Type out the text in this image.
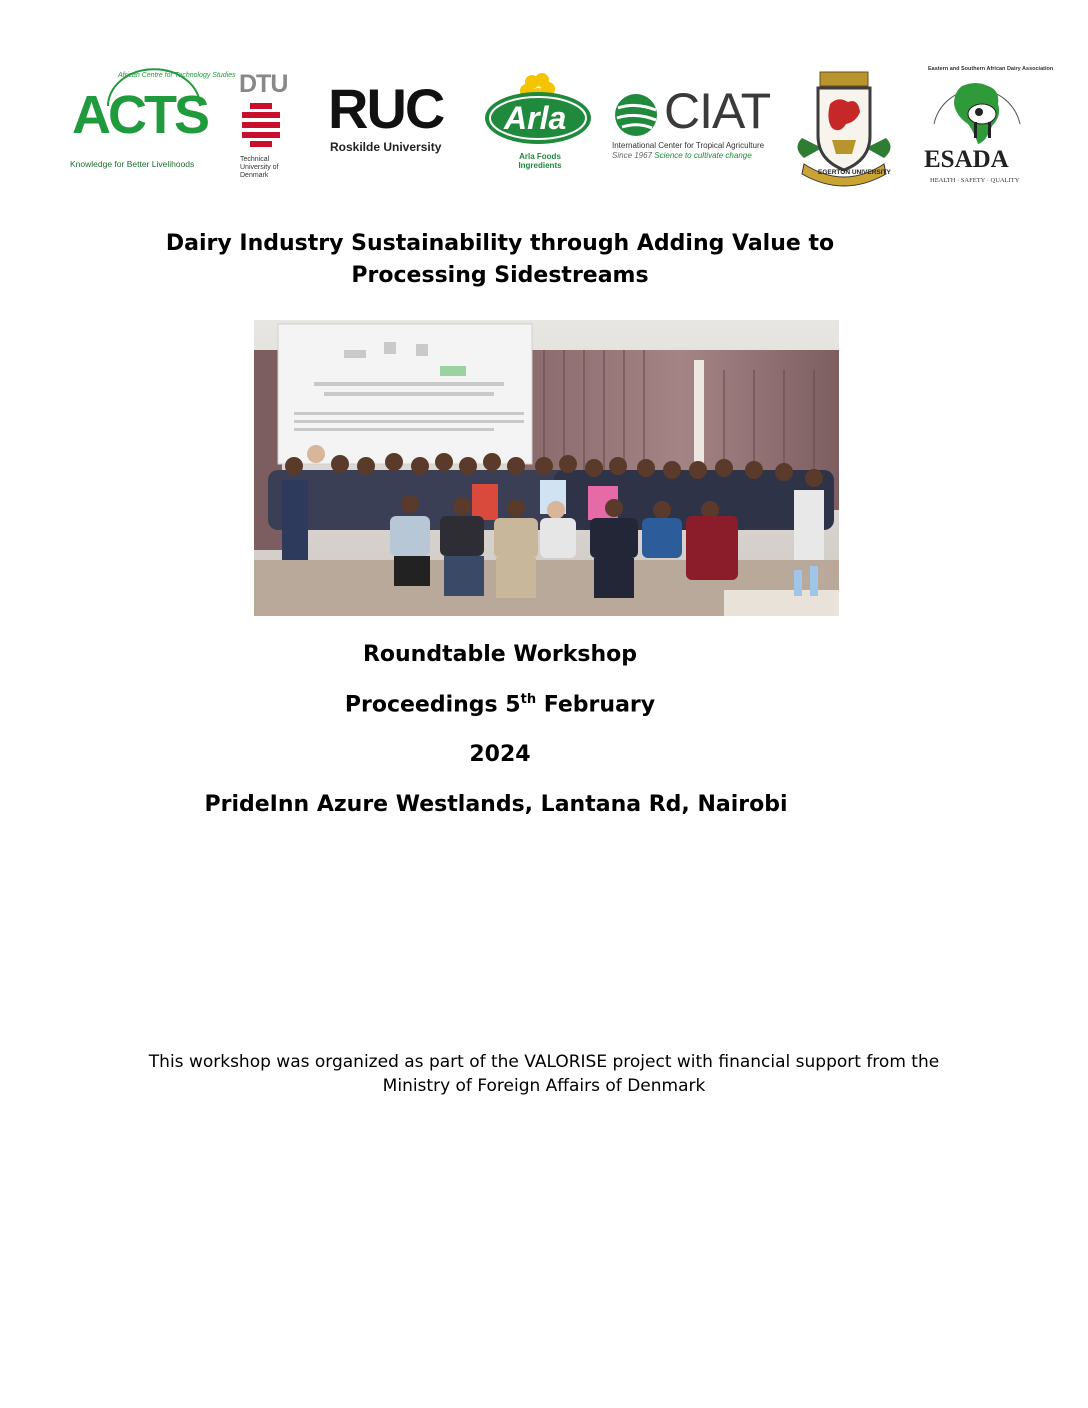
African Centre for Technology Studies
ACTS
Knowledge for Better Livelihoods
DTU
Technical University of Denmark
RUC
Roskilde University
Arla
Arla Foods Ingredients
CIAT
International Center for Tropical Agriculture
Since 1967 Science to cultivate change
EGERTON UNIVERSITY
Eastern and Southern African Dairy Association
ESADA
HEALTH · SAFETY · QUALITY
Dairy Industry Sustainability through Adding Value to
Processing Sidestreams
Roundtable Workshop
Proceedings 5th February
2024
PrideInn Azure Westlands, Lantana Rd, Nairobi
This workshop was organized as part of the VALORISE project with financial support from the
Ministry of Foreign Affairs of Denmark
